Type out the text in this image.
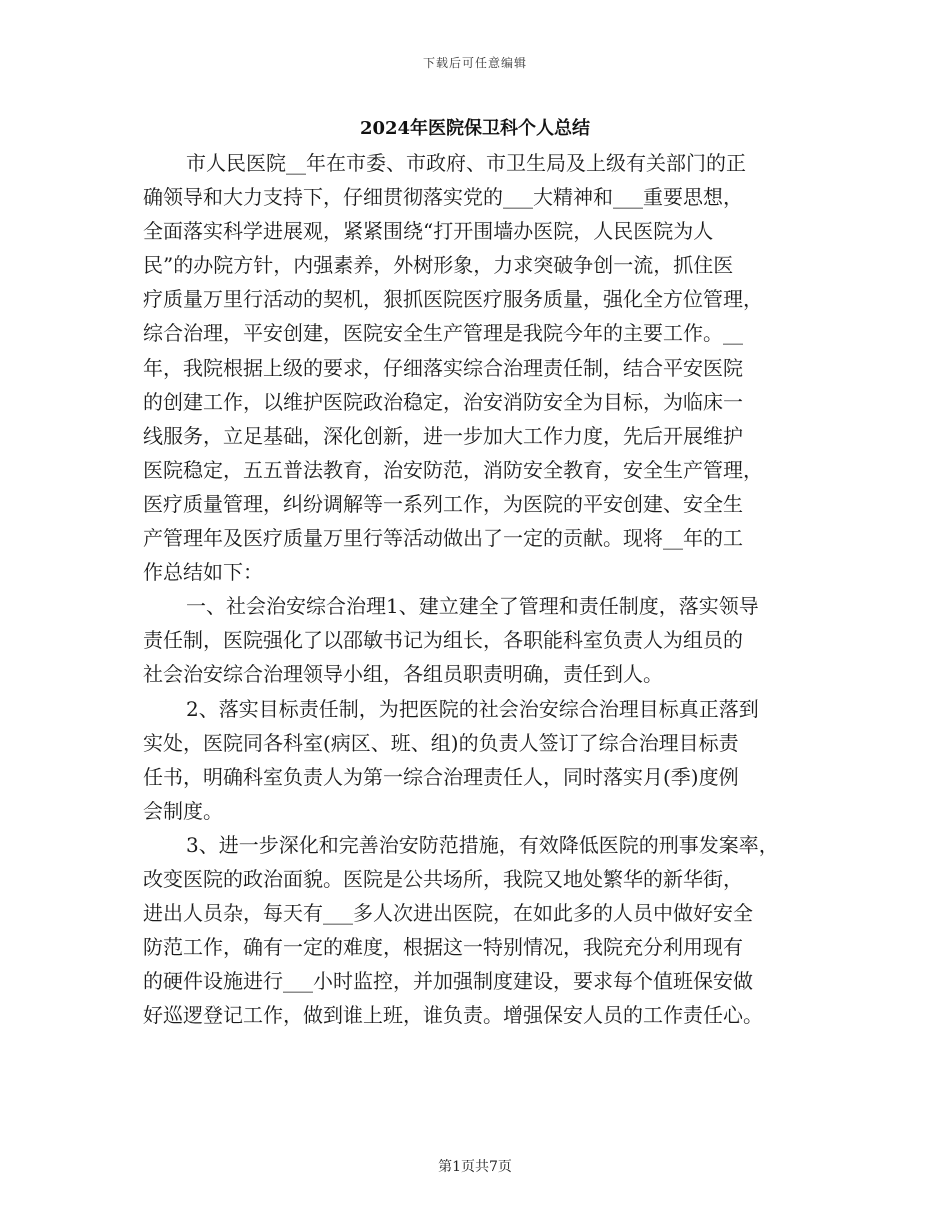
下载后可任意编辑
2024年医院保卫科个人总结
市人民医院__年在市委、市政府、市卫生局及上级有关部门的正
确领导和大力支持下，仔细贯彻落实党的___大精神和___重要思想，
全面落实科学进展观，紧紧围绕“打开围墙办医院，人民医院为人
民”的办院方针，内强素养，外树形象，力求突破争创一流，抓住医
疗质量万里行活动的契机，狠抓医院医疗服务质量，强化全方位管理，
综合治理，平安创建，医院安全生产管理是我院今年的主要工作。__
年，我院根据上级的要求，仔细落实综合治理责任制，结合平安医院
的创建工作，以维护医院政治稳定，治安消防安全为目标，为临床一
线服务，立足基础，深化创新，进一步加大工作力度，先后开展维护
医院稳定，五五普法教育，治安防范，消防安全教育，安全生产管理，
医疗质量管理，纠纷调解等一系列工作，为医院的平安创建、安全生
产管理年及医疗质量万里行等活动做出了一定的贡献。现将__年的工
作总结如下：
一、社会治安综合治理1、建立建全了管理和责任制度，落实领导
责任制，医院强化了以邵敏书记为组长，各职能科室负责人为组员的
社会治安综合治理领导小组，各组员职责明确，责任到人。
2、落实目标责任制，为把医院的社会治安综合治理目标真正落到
实处，医院同各科室(病区、班、组)的负责人签订了综合治理目标责
任书，明确科室负责人为第一综合治理责任人，同时落实月(季)度例
会制度。
3、进一步深化和完善治安防范措施，有效降低医院的刑事发案率，
改变医院的政治面貌。医院是公共场所，我院又地处繁华的新华街，
进出人员杂，每天有___多人次进出医院，在如此多的人员中做好安全
防范工作，确有一定的难度，根据这一特别情况，我院充分利用现有
的硬件设施进行___小时监控，并加强制度建设，要求每个值班保安做
好巡逻登记工作，做到谁上班，谁负责。增强保安人员的工作责任心。
第1页共7页
